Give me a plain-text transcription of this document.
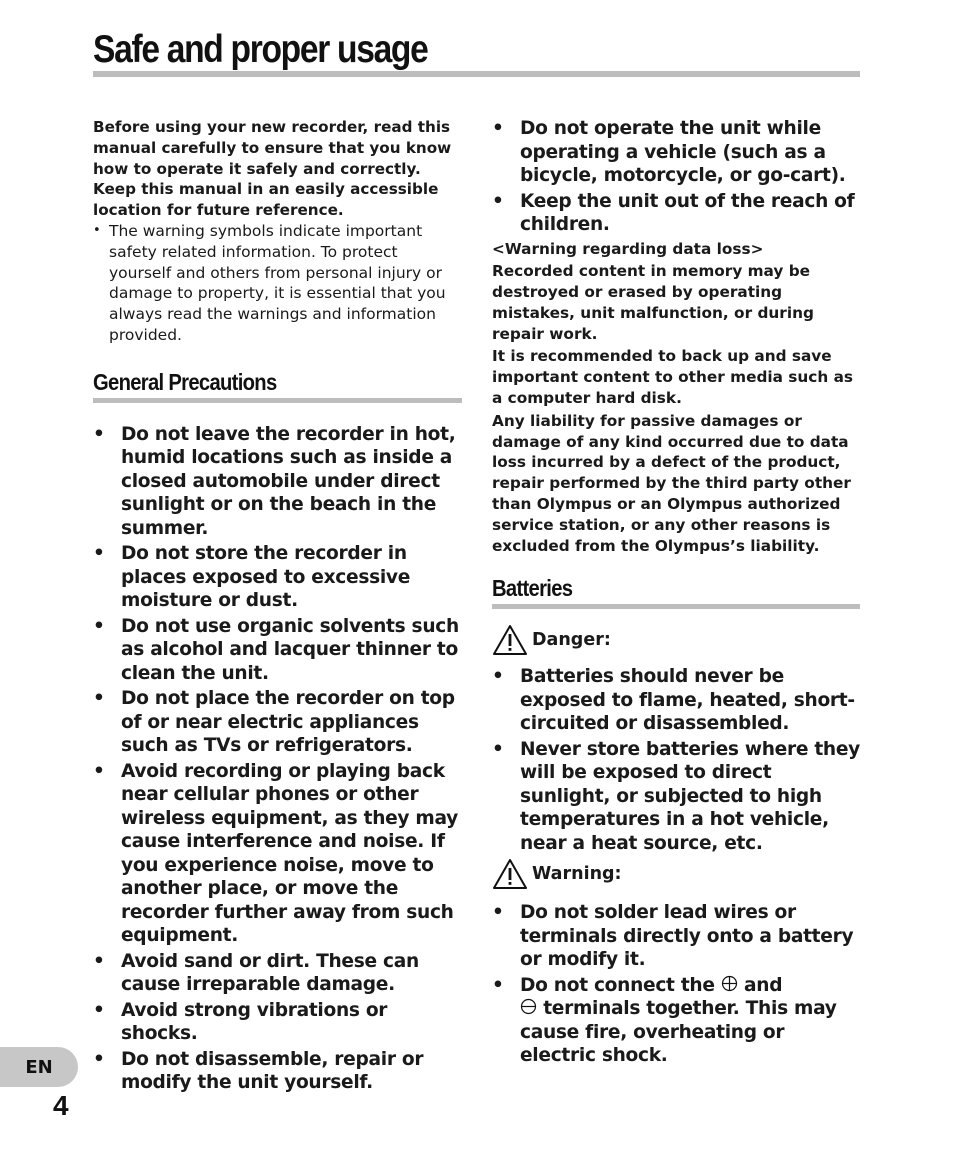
Safe and proper usage

Before using your new recorder, read this manual carefully to ensure that you know how to operate it safely and correctly. Keep this manual in an easily accessible location for future reference.

• The warning symbols indicate important safety related information. To protect yourself and others from personal injury or damage to property, it is essential that you always read the warnings and information provided.

General Precautions
• Do not leave the recorder in hot, humid locations such as inside a closed automobile under direct sunlight or on the beach in the summer.
• Do not store the recorder in places exposed to excessive moisture or dust.
• Do not use organic solvents such as alcohol and lacquer thinner to clean the unit.
• Do not place the recorder on top of or near electric appliances such as TVs or refrigerators.
• Avoid recording or playing back near cellular phones or other wireless equipment, as they may cause interference and noise. If you experience noise, move to another place, or move the recorder further away from such equipment.
• Avoid sand or dirt. These can cause irreparable damage.
• Avoid strong vibrations or shocks.
• Do not disassemble, repair or modify the unit yourself.
• Do not operate the unit while operating a vehicle (such as a bicycle, motorcycle, or go-cart).
• Keep the unit out of the reach of children.

<Warning regarding data loss>

Recorded content in memory may be destroyed or erased by operating mistakes, unit malfunction, or during repair work.

It is recommended to back up and save important content to other media such as a computer hard disk.

Any liability for passive damages or damage of any kind occurred due to data loss incurred by a defect of the product, repair performed by the third party other than Olympus or an Olympus authorized service station, or any other reasons is excluded from the Olympus’s liability.

Batteries
Danger:
• Batteries should never be exposed to flame, heated, short-circuited or disassembled.
• Never store batteries where they will be exposed to direct sunlight, or subjected to high temperatures in a hot vehicle, near a heat source, etc.
Warning:
• Do not solder lead wires or terminals directly onto a battery or modify it.
• Do not connect the and
terminals together. This may cause fire, overheating or electric shock.
EN
4
